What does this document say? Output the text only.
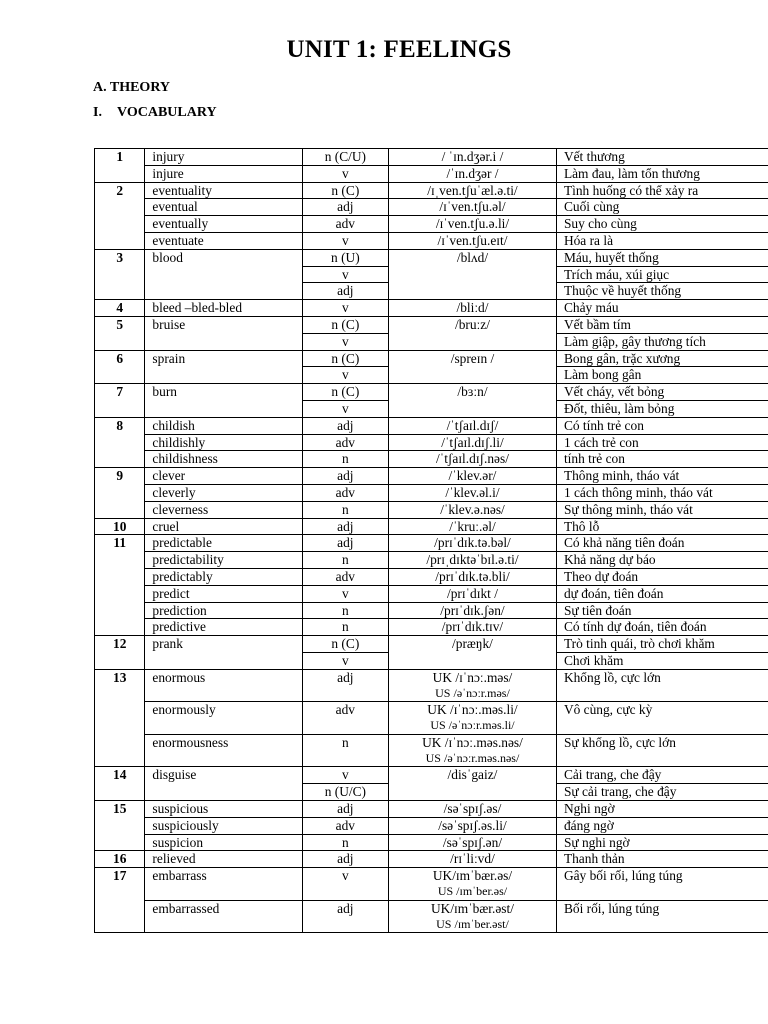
UNIT 1: FEELINGS
A. THEORY
I. VOCABULARY
1	injury	n (C/U)	/ ˈɪn.dʒər.i /	Vết thương
	injure	v	/ˈɪn.dʒər /	Làm đau, làm tổn thương
2	eventuality	n (C)	/ɪˌven.tʃuˈæl.ə.ti/	Tình huống có thể xảy ra
	eventual	adj	/ɪˈven.tʃu.əl/	Cuối cùng
	eventually	adv	/ɪˈven.tʃu.ə.li/	Suy cho cùng
	eventuate	v	/ɪˈven.tʃu.eɪt/	Hóa ra là
3	blood	n (U)	/blʌd/	Máu, huyết thống
		v		Trích máu, xúi giục
		adj		Thuộc về huyết thống
4	bleed –bled-bled	v	/bliːd/	Chảy máu
5	bruise	n (C)	/bruːz/	Vết bầm tím
		v		Làm giập, gây thương tích
6	sprain	n (C)	/spreɪn /	Bong gân, trặc xương
		v		Làm bong gân
7	burn	n (C)	/bɜːn/	Vết cháy, vết bỏng
		v		Đốt, thiêu, làm bỏng
8	childish	adj	/ˈtʃaɪl.dɪʃ/	Có tính trẻ con
	childishly	adv	/ˈtʃaɪl.dɪʃ.li/	1 cách trẻ con
	childishness	n	/ˈtʃaɪl.dɪʃ.nəs/	tính trẻ con
9	clever	adj	/ˈklev.ər/	Thông minh, tháo vát
	cleverly	adv	/ˈklev.əl.i/	1 cách thông minh, tháo vát
	cleverness	n	/ˈklev.ə.nəs/	Sự thông minh, tháo vát
10	cruel	adj	/ˈkruː.əl/	Thô lỗ
11	predictable	adj	/prɪˈdɪk.tə.bəl/	Có khả năng tiên đoán
	predictability	n	/prɪˌdɪktəˈbɪl.ə.ti/	Khả năng dự báo
	predictably	adv	/prɪˈdɪk.tə.bli/	Theo dự đoán
	predict	v	/prɪˈdɪkt /	dự đoán, tiên đoán
	prediction	n	/prɪˈdɪk.ʃən/	Sự tiên đoán
	predictive	n	/prɪˈdɪk.tɪv/	Có tính dự đoán, tiên đoán
12	prank	n (C)	/præŋk/	Trò tinh quái, trò chơi khăm
		v		Chơi khăm
13	enormous	adj	UK /ɪˈnɔː.məs/
US /əˈnɔːr.məs/	Khổng lồ, cực lớn
	enormously	adv	UK /ɪˈnɔː.məs.li/
US /əˈnɔːr.məs.li/	Vô cùng, cực kỳ
	enormousness	n	UK /ɪˈnɔː.məs.nəs/
US /əˈnɔːr.məs.nəs/	Sự khổng lồ, cực lớn
14	disguise	v	/disˈgaiz/	Cải trang, che đậy
		n (U/C)		Sự cải trang, che đậy
15	suspicious	adj	/səˈspɪʃ.əs/	Nghi ngờ
	suspiciously	adv	/səˈspɪʃ.əs.li/	đáng ngờ
	suspicion	n	/səˈspɪʃ.ən/	Sự nghi ngờ
16	relieved	adj	/rɪˈliːvd/	Thanh thản
17	embarrass	v	UK/ɪmˈbær.əs/
US /ɪmˈber.əs/	Gây bối rối, lúng túng
	embarrassed	adj	UK/ɪmˈbær.əst/
US /ɪmˈber.əst/	Bối rối, lúng túng
